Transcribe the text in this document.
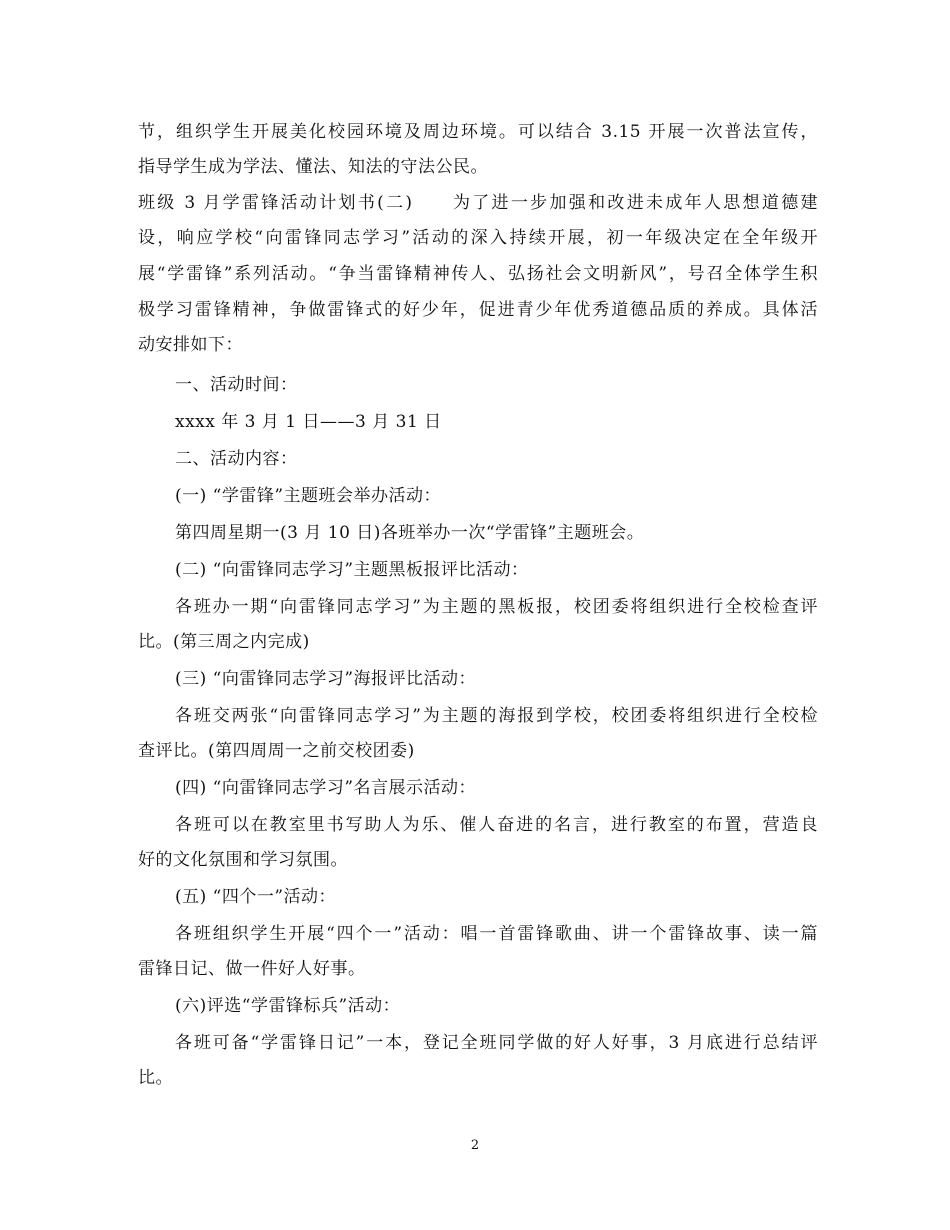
节，组织学生开展美化校园环境及周边环境。可以结合 3.15 开展一次普法宣传，
指导学生成为学法、懂法、知法的守法公民。
班级 3 月学雷锋活动计划书(二)　　为了进一步加强和改进未成年人思想道德建
设，响应学校“向雷锋同志学习”活动的深入持续开展，初一年级决定在全年级开
展“学雷锋”系列活动。“争当雷锋精神传人、弘扬社会文明新风”，号召全体学生积
极学习雷锋精神，争做雷锋式的好少年，促进青少年优秀道德品质的养成。具体活
动安排如下：
一、活动时间：
xxxx 年 3 月 1 日——3 月 31 日
二、活动内容：
(一) “学雷锋”主题班会举办活动：
第四周星期一(3 月 10 日)各班举办一次“学雷锋”主题班会。
(二) “向雷锋同志学习”主题黑板报评比活动：
各班办一期“向雷锋同志学习”为主题的黑板报，校团委将组织进行全校检查评
比。(第三周之内完成)
(三) “向雷锋同志学习”海报评比活动：
各班交两张“向雷锋同志学习”为主题的海报到学校，校团委将组织进行全校检
查评比。(第四周周一之前交校团委)
(四) “向雷锋同志学习”名言展示活动：
各班可以在教室里书写助人为乐、催人奋进的名言，进行教室的布置，营造良
好的文化氛围和学习氛围。
(五) “四个一”活动：
各班组织学生开展“四个一”活动：唱一首雷锋歌曲、讲一个雷锋故事、读一篇
雷锋日记、做一件好人好事。
(六)评选“学雷锋标兵”活动：
各班可备“学雷锋日记”一本，登记全班同学做的好人好事，3 月底进行总结评
比。
2
